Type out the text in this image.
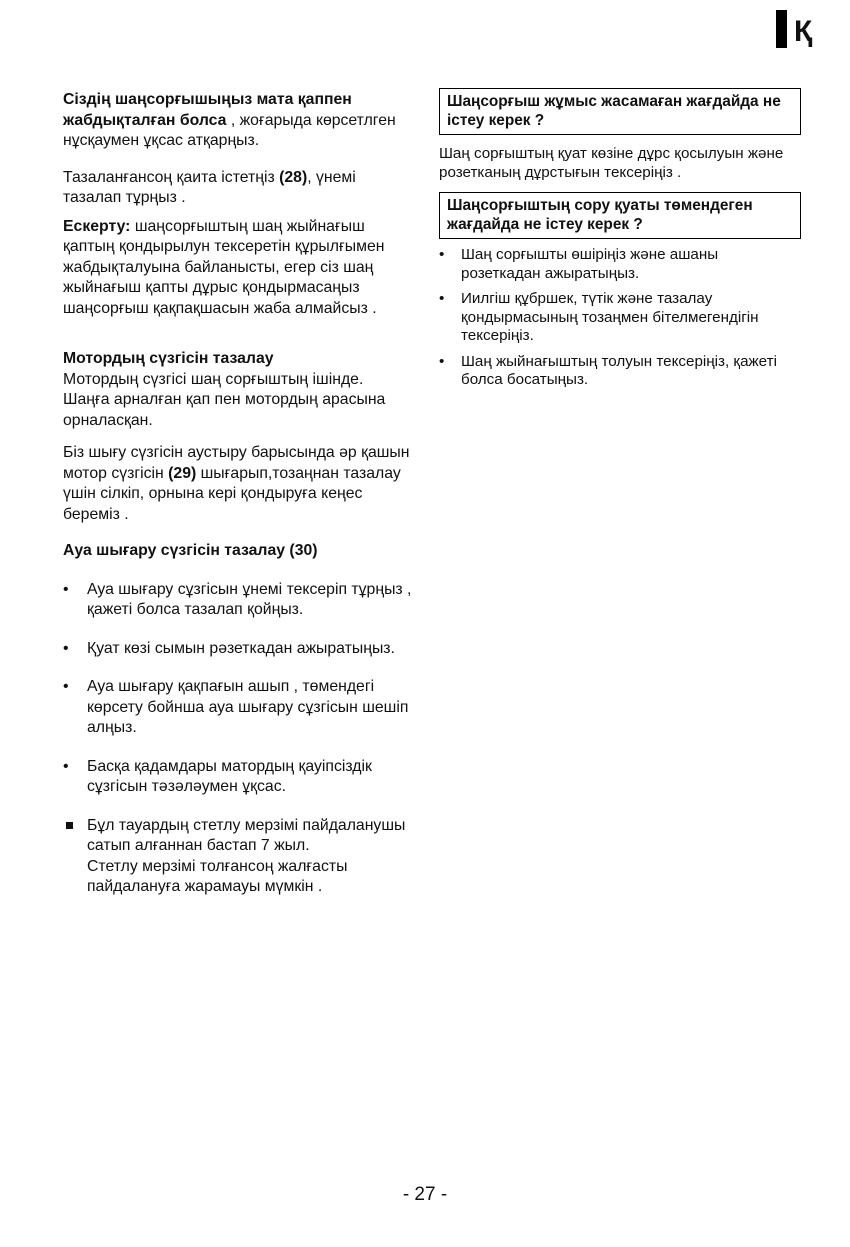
Қ

Сіздің шаңсорғышыңыз мата қаппен жабдықталған болса , жоғарыда көрсетлген нұсқаумен ұқсас атқарңыз.

Тазаланғансоң қаита істетңіз (28), үнемі тазалап тұрңыз .

Ескерту: шаңсорғыштың шаң жыйнағыш қаптың қондырылун тексеретін құрылғымен жабдықталуына байланысты, егер сіз шаң жыйнағыш қапты дұрыс қондырмасаңыз шаңсорғыш қақпақшасын жаба алмайсыз .

Мотордың сүзгісін тазалау

Мотордың сүзгісі шаң сорғыштың ішінде. Шаңға арналған қап пен мотордың арасына орналасқан.

Біз шығу сүзгісін аустыру барысында әр қашын мотор сүзгісін (29) шығарып,тозаңнан тазалау үшін сілкіп, орнына кері қондыруға кеңес береміз .

Ауа шығару сүзгісін тазалау (30)

• Ауа шығару сұзгісын ұнемі тексеріп тұрңыз , қажеті болса тазалап қойңыз.

• Қуат көзі сымын рәзеткадан ажыратыңыз.

• Ауа шығару қақпағын ашып , төмендегі көрсету бойнша ауа шығару сұзгісын шешіп алңыз.

• Басқа қадамдары матордың қауіпсіздік сұзгісын тәзәләумен ұқсас.

Бұл тауардың стетлу мерзімі пайдаланушы сатып алғаннан бастап 7 жыл.

Стетлу мерзімі толғансоң жалғасты пайдалануға жарамауы мүмкін .

Шаңсорғыш жұмыс жасамаған жағдайда не істеу керек ?

Шаң сорғыштың қуат көзіне дұрс қосылуын және розетканың дұрстығын тексеріңіз .

Шаңсорғыштың сору қуаты төмендеген жағдайда не істеу керек ?
• Шаң сорғышты өшіріңіз және ашаны розеткадан ажыратыңыз.
• Иилгіш құбршек, түтік және тазалау қондырмасының тозаңмен бітелмегендігін тексеріңіз.
• Шаң жыйнағыштың толуын тексеріңіз, қажеті болса босатыңыз.
- 27 -
